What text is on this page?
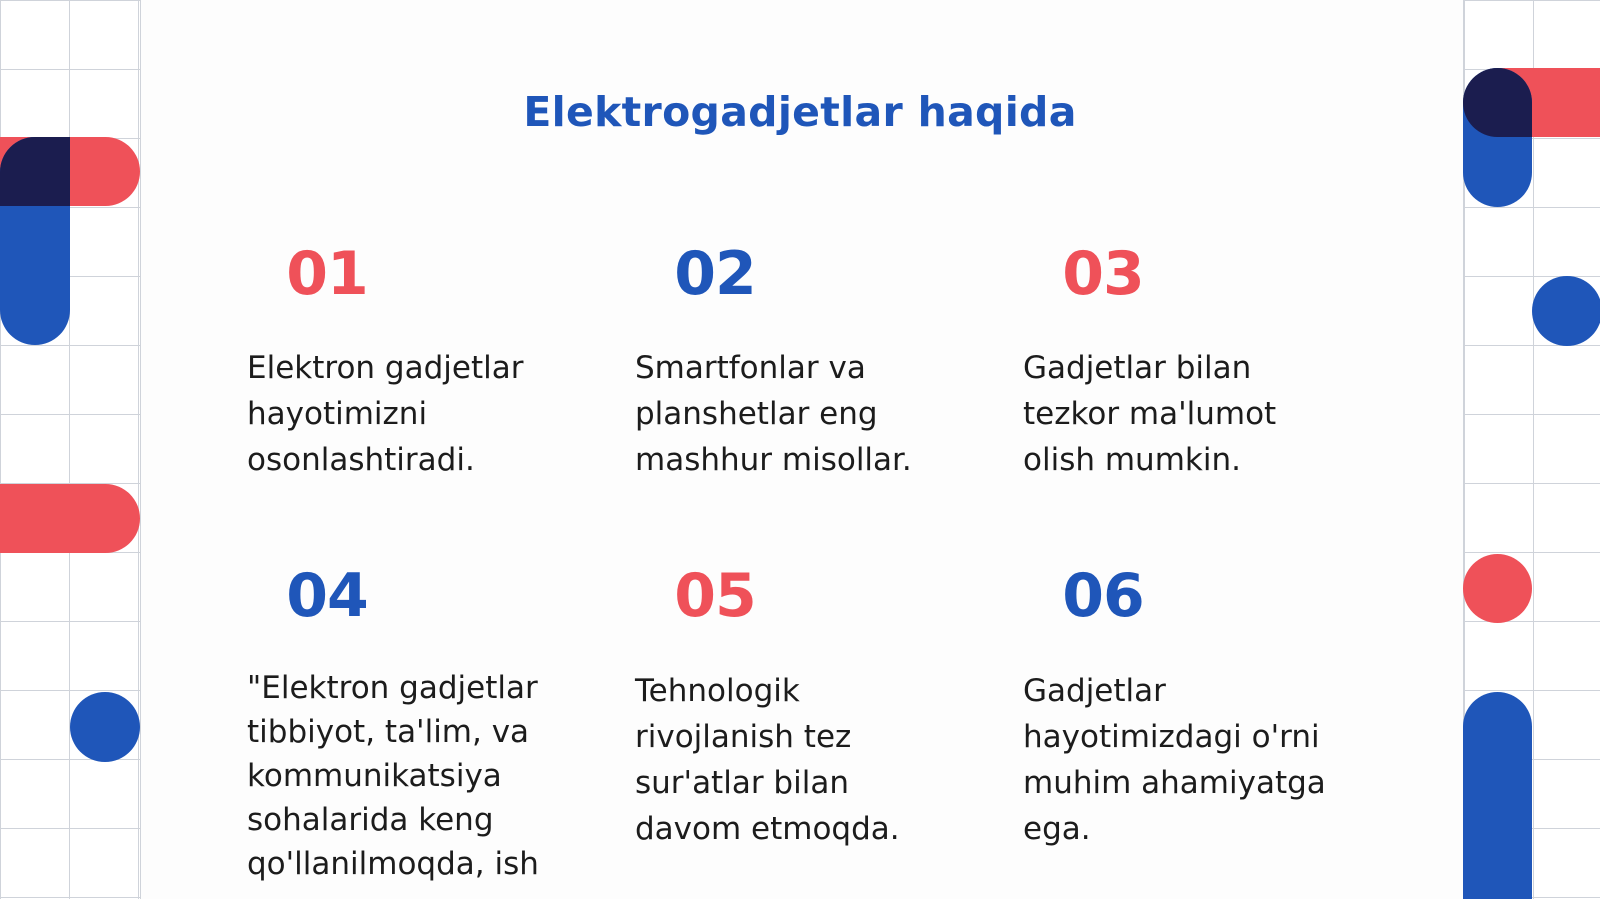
Elektrogadjetlar haqida
01

Elektron gadjetlar
hayotimizni
osonlashtiradi.

02

Smartfonlar va
planshetlar eng
mashhur misollar.

03

Gadjetlar bilan
tezkor ma'lumot
olish mumkin.

04

"Elektron gadjetlar
tibbiyot, ta'lim, va
kommunikatsiya
sohalarida keng
qo'llanilmoqda, ish

05

Tehnologik
rivojlanish tez
sur'atlar bilan
davom etmoqda.

06

Gadjetlar
hayotimizdagi o'rni
muhim ahamiyatga
ega.
